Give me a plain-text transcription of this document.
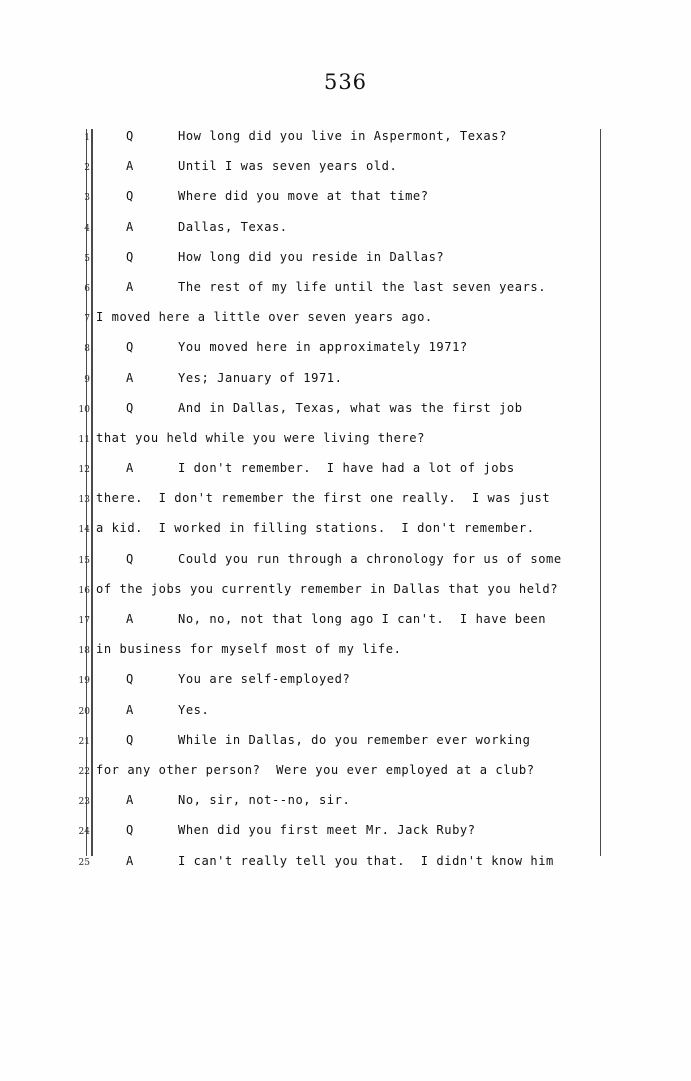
536
1	Q	How long did you live in Aspermont, Texas?
2	A	Until I was seven years old.
3	Q	Where did you move at that time?
4	A	Dallas, Texas.
5	Q	How long did you reside in Dallas?
6	A	The rest of my life until the last seven years.
7 I moved here a little over seven years ago.
8	Q	You moved here in approximately 1971?
9	A	Yes; January of 1971.
10	Q	And in Dallas, Texas, what was the first job
11 that you held while you were living there?
12	A	I don't remember.  I have had a lot of jobs
13 there.  I don't remember the first one really.  I was just
14 a kid.  I worked in filling stations.  I don't remember.
15	Q	Could you run through a chronology for us of some
16 of the jobs you currently remember in Dallas that you held?
17	A	No, no, not that long ago I can't.  I have been
18 in business for myself most of my life.
19	Q	You are self-employed?
20	A	Yes.
21	Q	While in Dallas, do you remember ever working
22 for any other person?  Were you ever employed at a club?
23	A	No, sir, not--no, sir.
24	Q	When did you first meet Mr. Jack Ruby?
25	A	I can't really tell you that.  I didn't know him
